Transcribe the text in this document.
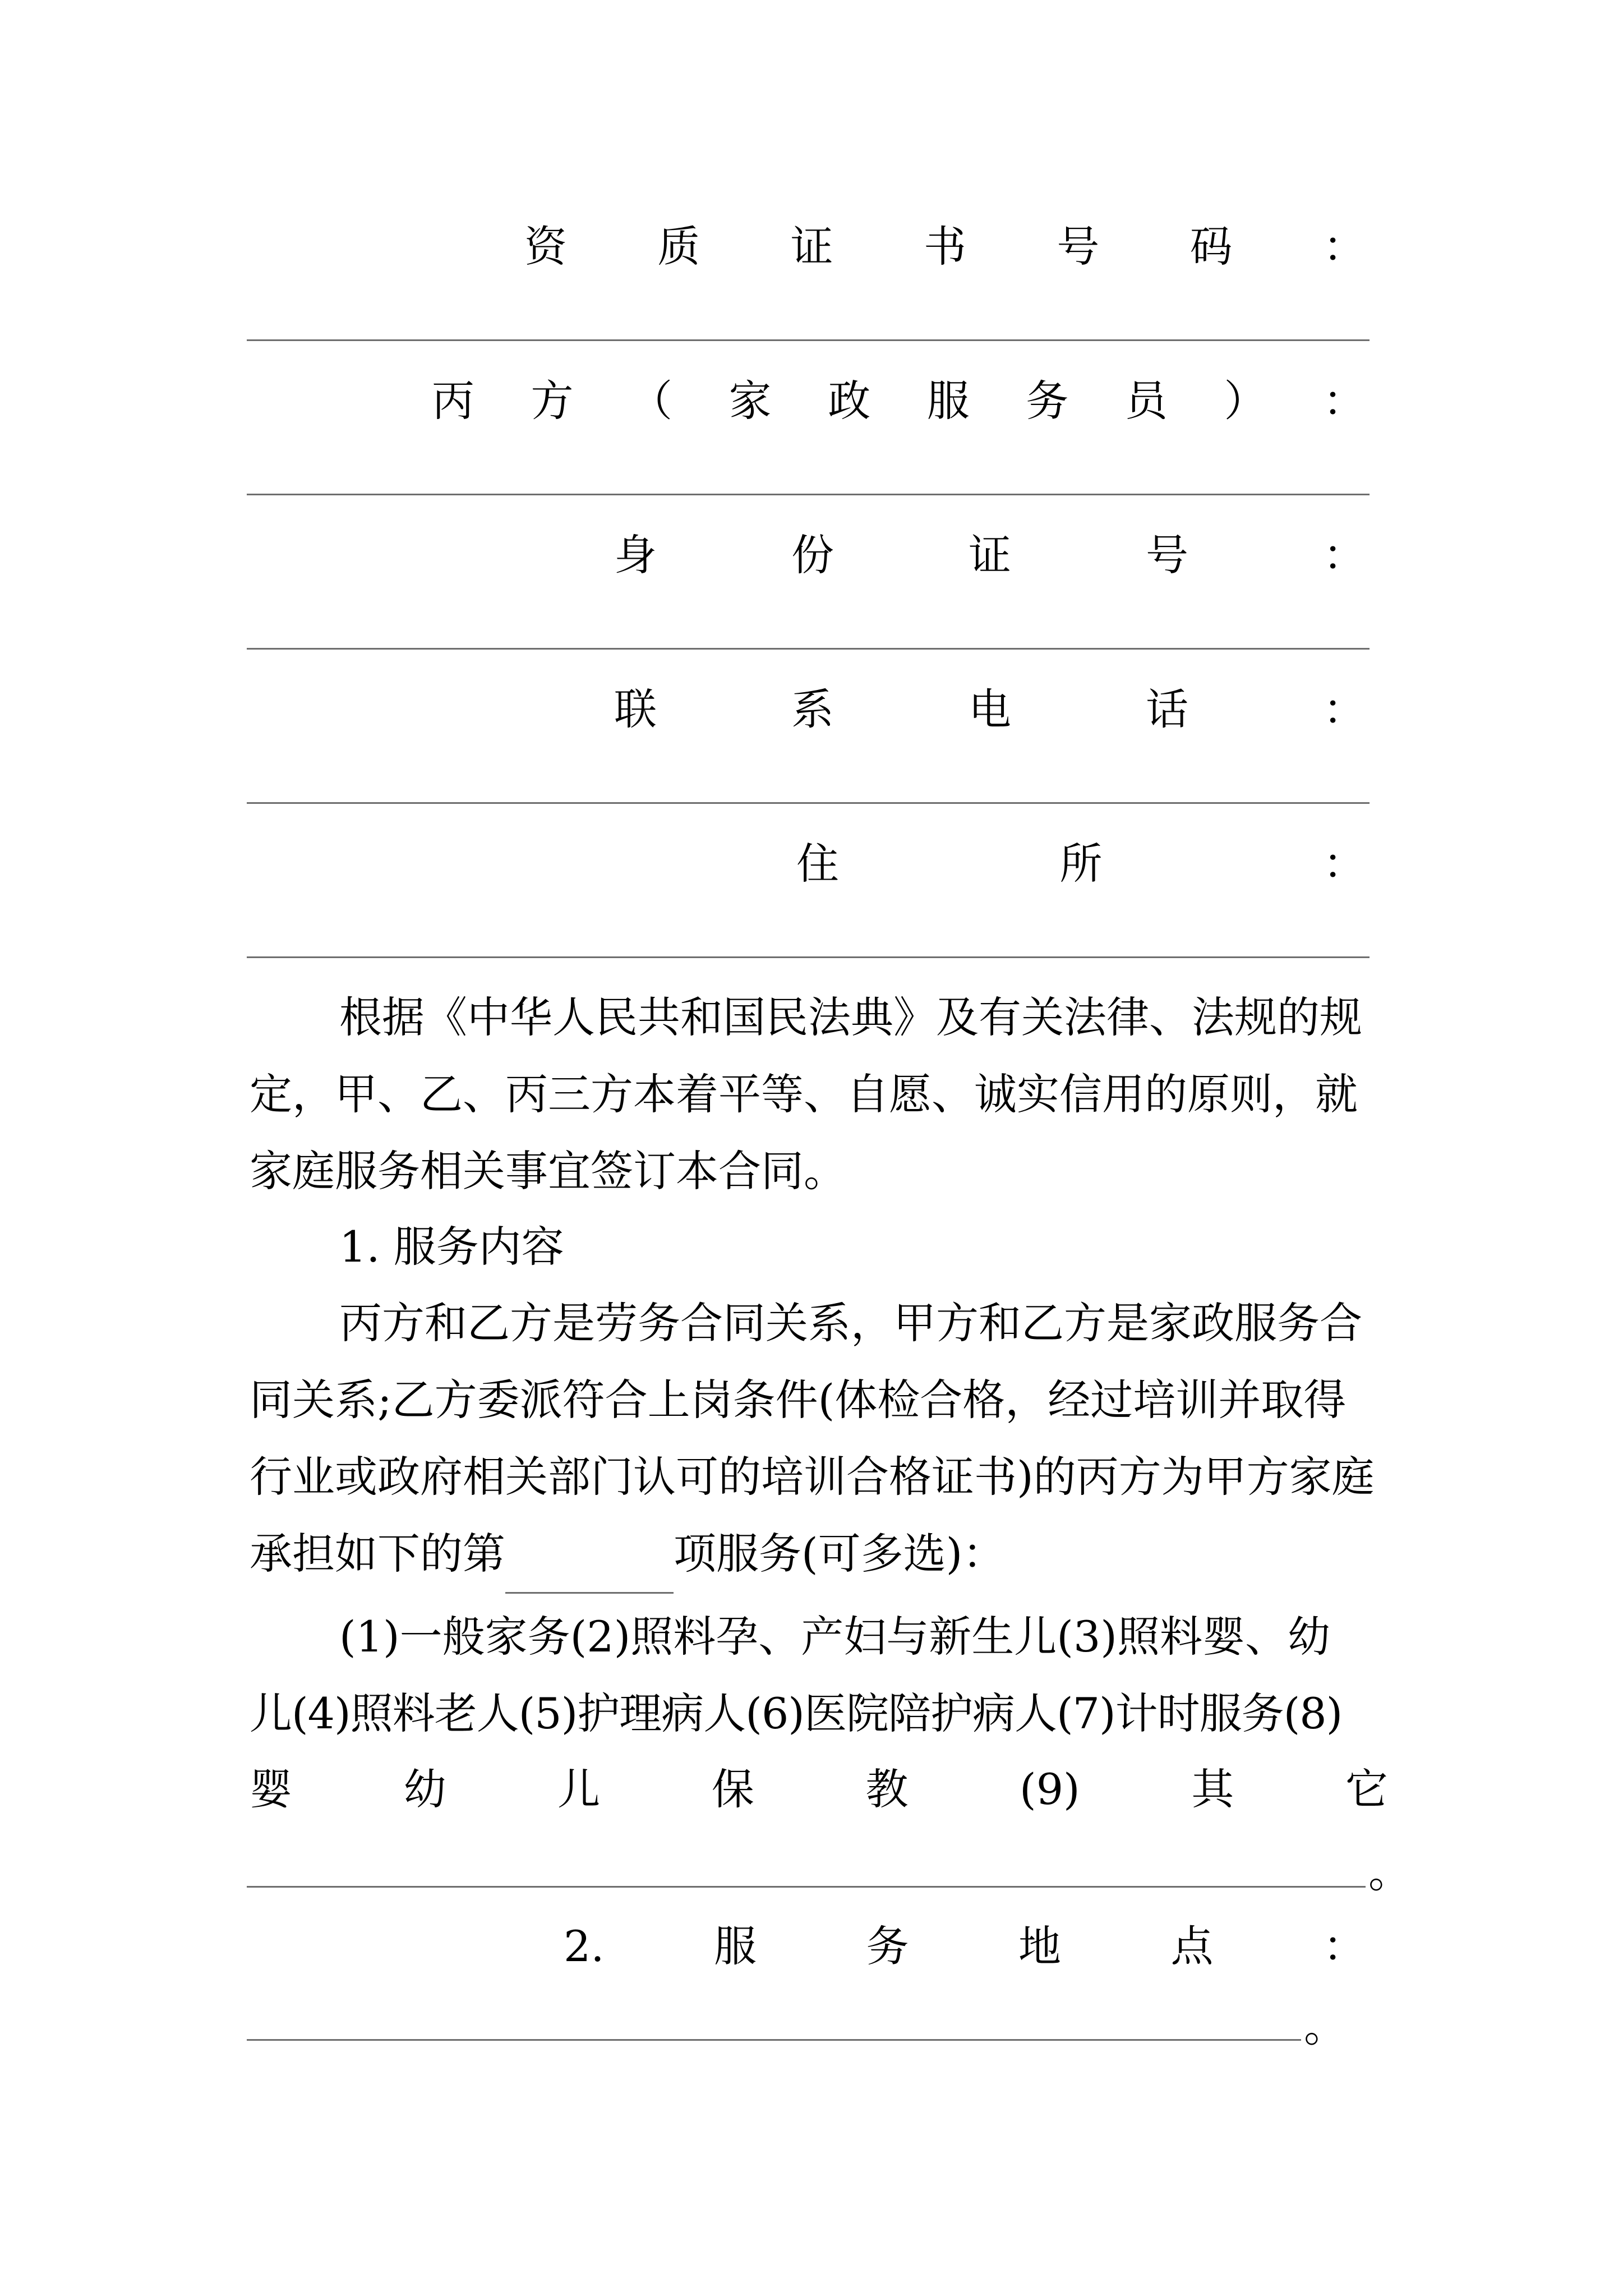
资 质 证 书 号 码 ：
丙 方 （ 家 政 服 务 员 ） ：
身	份	证	号	：
联	系	电	话	：
住	所	：

根据《中华人民共和国民法典》及有关法律、法规的规定，甲、乙、丙三方本着平等、自愿、诚实信用的原则，就家庭服务相关事宜签订本合同。

1. 服务内容

丙方和乙方是劳务合同关系，甲方和乙方是家政服务合同关系;乙方委派符合上岗条件(体检合格，经过培训并取得行业或政府相关部门认可的培训合格证书)的丙方为甲方家庭承担如下的第	项服务(可多选)：

(1)一般家务(2)照料孕、产妇与新生儿(3)照料婴、幼
儿(4)照料老人(5)护理病人(6)医院陪护病人(7)计时服务(8)
婴	幼	儿	保	教	(9)	其	它
。
2.	服	务	地	点	：
。
